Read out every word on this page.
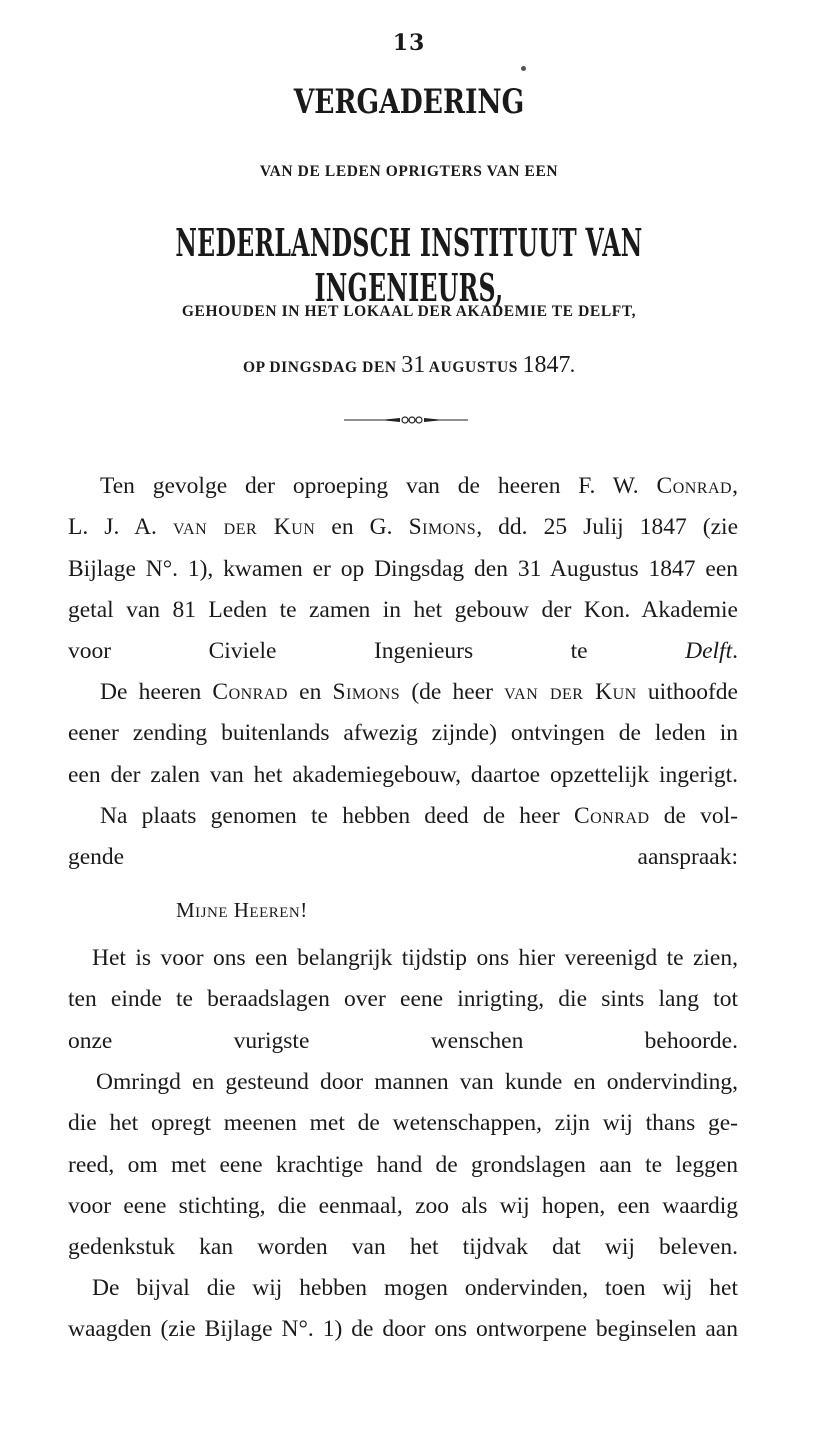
13
VERGADERING
VAN DE LEDEN OPRIGTERS VAN EEN
NEDERLANDSCH INSTITUUT VAN INGENIEURS,
GEHOUDEN IN HET LOKAAL DER AKADEMIE TE DELFT,
OP DINGSDAG DEN 31 AUGUSTUS 1847.
Ten gevolge der oproeping van de heeren F. W. Conrad,
L. J. A. van der Kun en G. Simons, dd. 25 Julij 1847 (zie
Bijlage N°. 1), kwamen er op Dingsdag den 31 Augustus 1847 een
getal van 81 Leden te zamen in het gebouw der Kon. Akademie
voor Civiele Ingenieurs te Delft.
De heeren Conrad en Simons (de heer van der Kun uithoofde
eener zending buitenlands afwezig zijnde) ontvingen de leden in
een der zalen van het akademiegebouw, daartoe opzettelijk ingerigt.
Na plaats genomen te hebben deed de heer Conrad de vol-
gende aanspraak:
Mijne Heeren!
Het is voor ons een belangrijk tijdstip ons hier vereenigd te zien,
ten einde te beraadslagen over eene inrigting, die sints lang tot
onze vurigste wenschen behoorde.
Omringd en gesteund door mannen van kunde en ondervinding,
die het opregt meenen met de wetenschappen, zijn wij thans ge-
reed, om met eene krachtige hand de grondslagen aan te leggen
voor eene stichting, die eenmaal, zoo als wij hopen, een waardig
gedenkstuk kan worden van het tijdvak dat wij beleven.
De bijval die wij hebben mogen ondervinden, toen wij het
waagden (zie Bijlage N°. 1) de door ons ontworpene beginselen aan
